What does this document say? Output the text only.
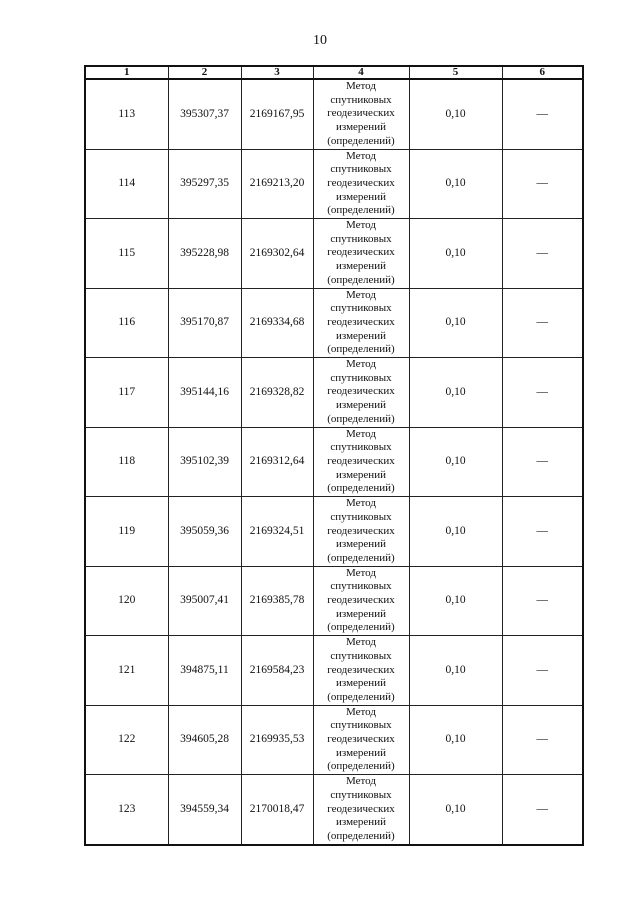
10
1	2	3	4	5	6
113	395307,37	2169167,95	Метод спутниковых геодезических измерений (определений)	0,10	—
114	395297,35	2169213,20	Метод спутниковых геодезических измерений (определений)	0,10	—
115	395228,98	2169302,64	Метод спутниковых геодезических измерений (определений)	0,10	—
116	395170,87	2169334,68	Метод спутниковых геодезических измерений (определений)	0,10	—
117	395144,16	2169328,82	Метод спутниковых геодезических измерений (определений)	0,10	—
118	395102,39	2169312,64	Метод спутниковых геодезических измерений (определений)	0,10	—
119	395059,36	2169324,51	Метод спутниковых геодезических измерений (определений)	0,10	—
120	395007,41	2169385,78	Метод спутниковых геодезических измерений (определений)	0,10	—
121	394875,11	2169584,23	Метод спутниковых геодезических измерений (определений)	0,10	—
122	394605,28	2169935,53	Метод спутниковых геодезических измерений (определений)	0,10	—
123	394559,34	2170018,47	Метод спутниковых геодезических измерений (определений)	0,10	—
